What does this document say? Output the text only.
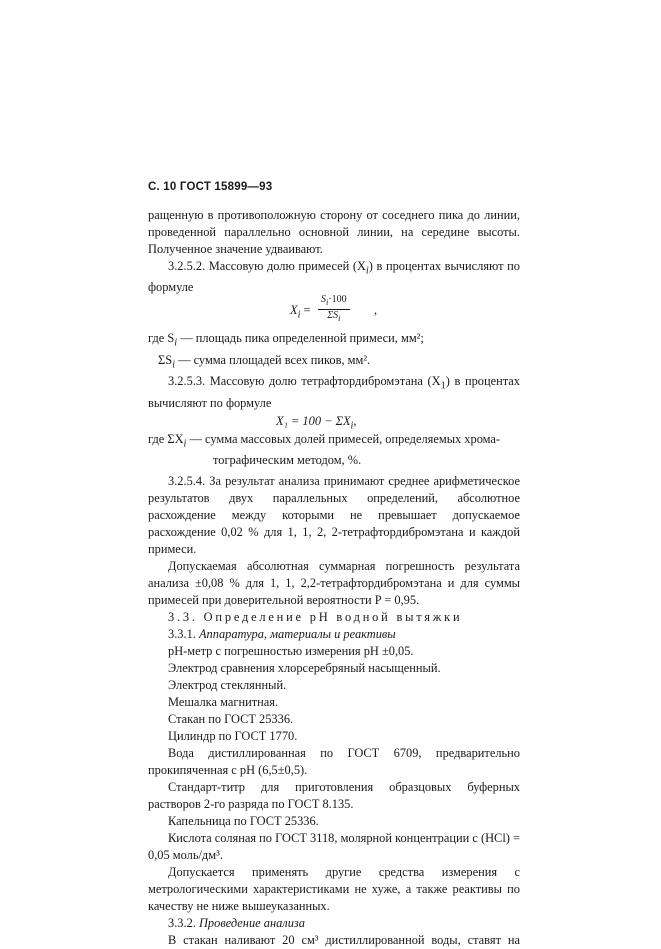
С. 10 ГОСТ 15899—93

ращенную в противоположную сторону от соседнего пика до линии, проведенной параллельно основной линии, на середине высоты. Полученное значение удваивают.

3.2.5.2. Массовую долю примесей $(X_i)$ в процентах вычисляют по формуле

$X_i$ =
$S_i\cdot 100$
$\Sigma S_i$
,

где $S_i$ — площадь пика определенной примеси, мм²;

$\Sigma S_i$ — сумма площадей всех пиков, мм².

3.2.5.3. Массовую долю тетрафтордибромэтана $(X_1)$ в процентах вычисляют по формуле

$X_1 = 100 - \Sigma X_i$,

где $\Sigma X_i$ — сумма массовых долей примесей, определяемых хрома-

тографическим методом, %.

3.2.5.4. За результат анализа принимают среднее арифметическое результатов двух параллельных определений, абсолютное расхождение между которыми не превышает допускаемое расхождение 0,02 % для 1, 1, 2, 2-тетрафтордибромэтана и каждой примеси.

Допускаемая абсолютная суммарная погрешность результата анализа ±0,08 % для 1, 1, 2,2-тетрафтордибромэтана и для суммы примесей при доверительной вероятности P = 0,95.

3.3. Определение pH водной вытяжки

3.3.1. Аппаратура, материалы и реактивы

pH-метр с погрешностью измерения pH ±0,05.

Электрод сравнения хлорсеребряный насыщенный.

Электрод стеклянный.

Мешалка магнитная.

Стакан по ГОСТ 25336.

Цилиндр по ГОСТ 1770.

Вода дистиллированная по ГОСТ 6709, предварительно прокипяченная с pH (6,5±0,5).

Стандарт-титр для приготовления образцовых буферных растворов 2-го разряда по ГОСТ 8.135.

Капельница по ГОСТ 25336.

Кислота соляная по ГОСТ 3118, молярной концентрации c (HCl) = 0,05 моль/дм³.

Допускается применять другие средства измерения с метрологическими характеристиками не хуже, а также реактивы по качеству не ниже вышеуказанных.

3.3.2. Проведение анализа

В стакан наливают 20 см³ дистиллированной воды, ставят на
